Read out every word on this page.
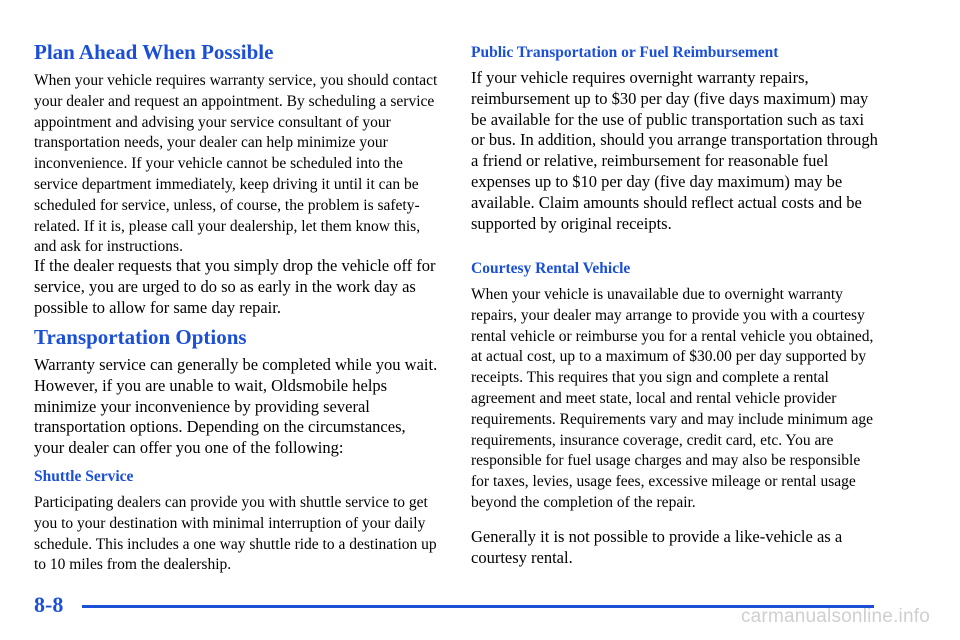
Plan Ahead When Possible

When your vehicle requires warranty service, you should contact your dealer and request an appointment. By scheduling a service appointment and advising your service consultant of your transportation needs, your dealer can help minimize your inconvenience. If your vehicle cannot be scheduled into the service department immediately, keep driving it until it can be scheduled for service, unless, of course, the problem is safety-related. If it is, please call your dealership, let them know this, and ask for instructions.

If the dealer requests that you simply drop the vehicle off for service, you are urged to do so as early in the work day as possible to allow for same day repair.

Transportation Options

Warranty service can generally be completed while you wait. However, if you are unable to wait, Oldsmobile helps minimize your inconvenience by providing several transportation options. Depending on the circumstances, your dealer can offer you one of the following:

Shuttle Service

Participating dealers can provide you with shuttle service to get you to your destination with minimal interruption of your daily schedule. This includes a one way shuttle ride to a destination up to 10 miles from the dealership.

Public Transportation or Fuel Reimbursement

If your vehicle requires overnight warranty repairs, reimbursement up to $30 per day (five days maximum) may be available for the use of public transportation such as taxi or bus. In addition, should you arrange transportation through a friend or relative, reimbursement for reasonable fuel expenses up to $10 per day (five day maximum) may be available. Claim amounts should reflect actual costs and be supported by original receipts.

Courtesy Rental Vehicle

When your vehicle is unavailable due to overnight warranty repairs, your dealer may arrange to provide you with a courtesy rental vehicle or reimburse you for a rental vehicle you obtained, at actual cost, up to a maximum of $30.00 per day supported by receipts. This requires that you sign and complete a rental agreement and meet state, local and rental vehicle provider requirements. Requirements vary and may include minimum age requirements, insurance coverage, credit card, etc. You are responsible for fuel usage charges and may also be responsible for taxes, levies, usage fees, excessive mileage or rental usage beyond the completion of the repair.

Generally it is not possible to provide a like-vehicle as a courtesy rental.

8-8	carmanualsonline.info
